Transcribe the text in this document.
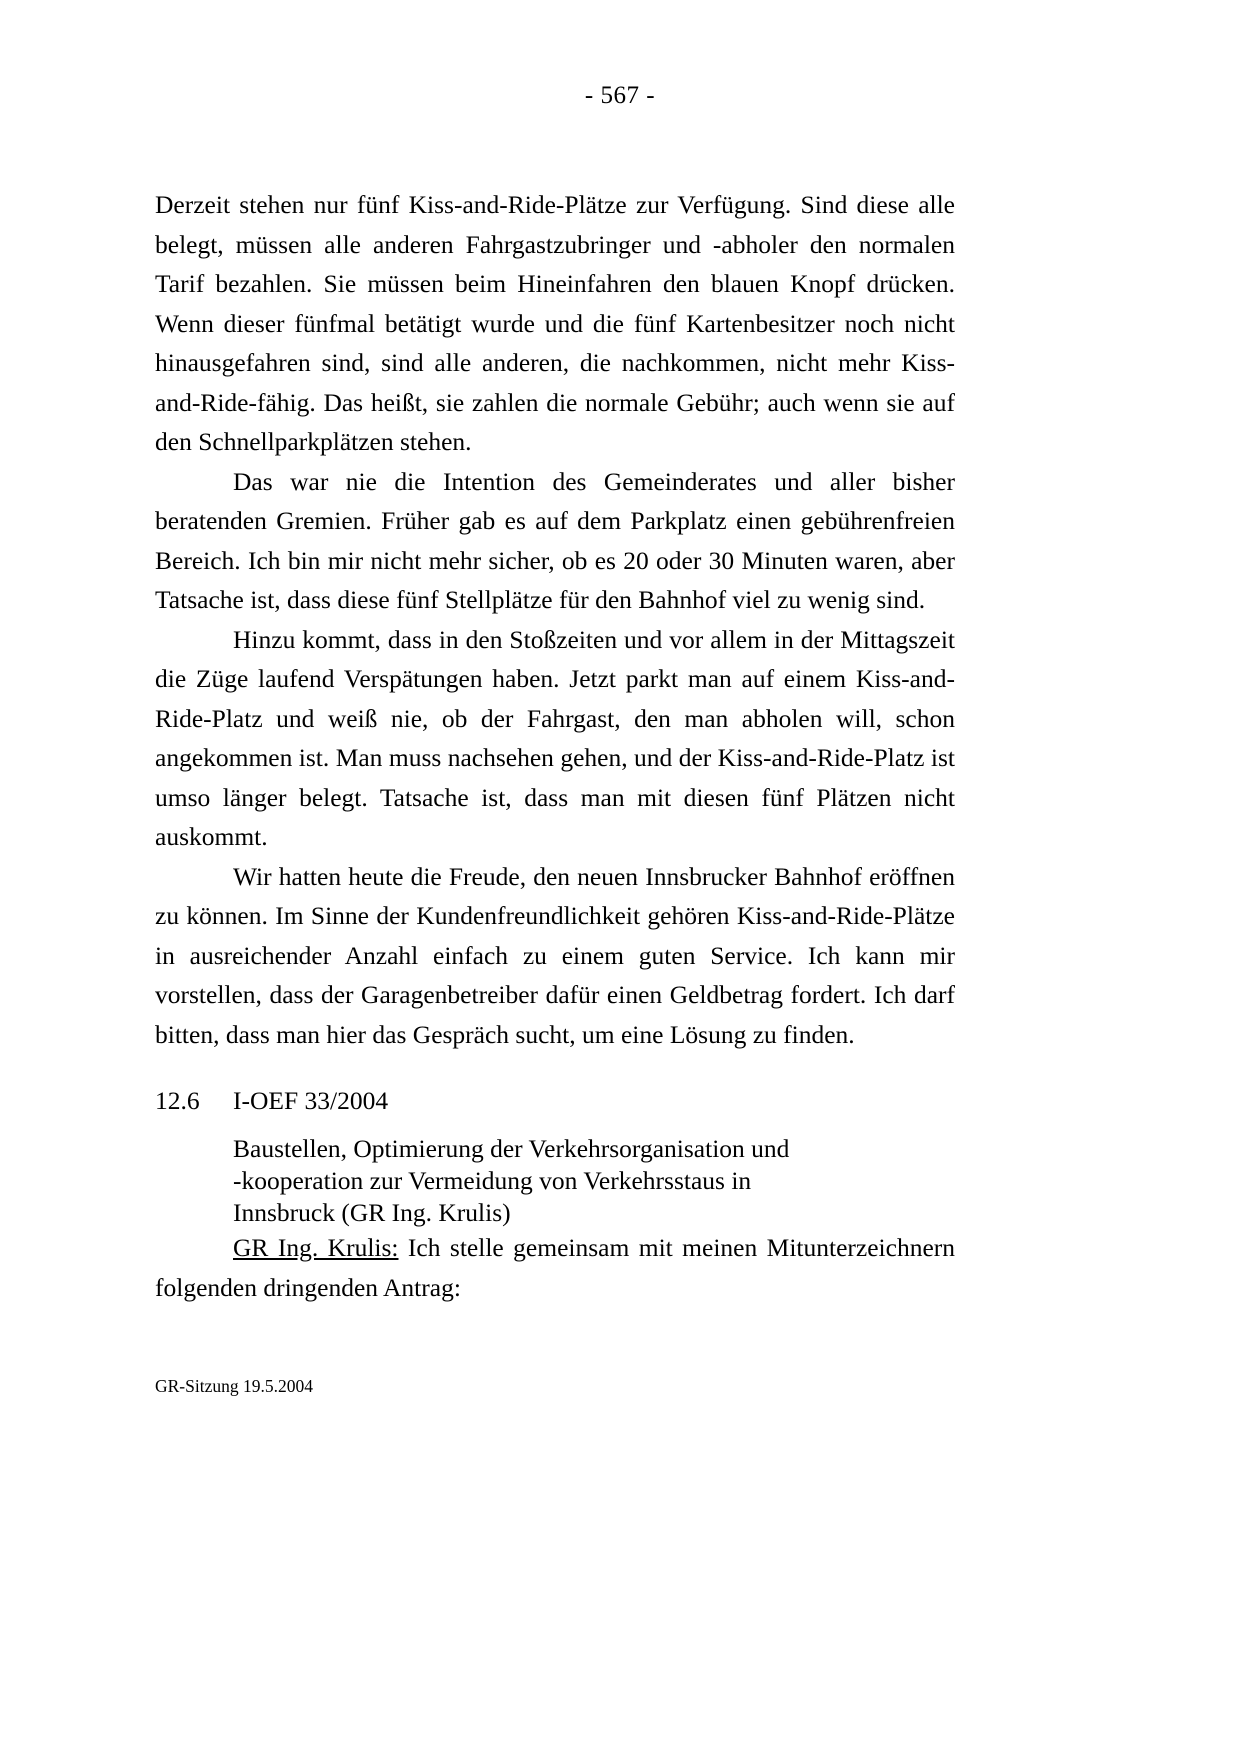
- 567 -

Derzeit stehen nur fünf Kiss-and-Ride-Plätze zur Verfügung. Sind diese alle belegt, müssen alle anderen Fahrgastzubringer und -abholer den normalen Tarif bezahlen. Sie müssen beim Hineinfahren den blauen Knopf drücken. Wenn dieser fünfmal betätigt wurde und die fünf Kartenbesitzer noch nicht hinausgefahren sind, sind alle anderen, die nachkommen, nicht mehr Kiss-and-Ride-fähig. Das heißt, sie zahlen die normale Gebühr; auch wenn sie auf den Schnellparkplätzen stehen.

Das war nie die Intention des Gemeinderates und aller bisher beratenden Gremien. Früher gab es auf dem Parkplatz einen gebührenfreien Bereich. Ich bin mir nicht mehr sicher, ob es 20 oder 30 Minuten waren, aber Tatsache ist, dass diese fünf Stellplätze für den Bahnhof viel zu wenig sind.

Hinzu kommt, dass in den Stoßzeiten und vor allem in der Mittagszeit die Züge laufend Verspätungen haben. Jetzt parkt man auf einem Kiss-and-Ride-Platz und weiß nie, ob der Fahrgast, den man abholen will, schon angekommen ist. Man muss nachsehen gehen, und der Kiss-and-Ride-Platz ist umso länger belegt. Tatsache ist, dass man mit diesen fünf Plätzen nicht auskommt.

Wir hatten heute die Freude, den neuen Innsbrucker Bahnhof eröffnen zu können. Im Sinne der Kundenfreundlichkeit gehören Kiss-and-Ride-Plätze in ausreichender Anzahl einfach zu einem guten Service. Ich kann mir vorstellen, dass der Garagenbetreiber dafür einen Geldbetrag fordert. Ich darf bitten, dass man hier das Gespräch sucht, um eine Lösung zu finden.

12.6	I-OEF 33/2004
Baustellen, Optimierung der Verkehrsorganisation und
-kooperation zur Vermeidung von Verkehrsstaus in
Innsbruck (GR Ing. Krulis)

GR Ing. Krulis: Ich stelle gemeinsam mit meinen Mitunterzeichnern folgenden dringenden Antrag:

GR-Sitzung 19.5.2004
